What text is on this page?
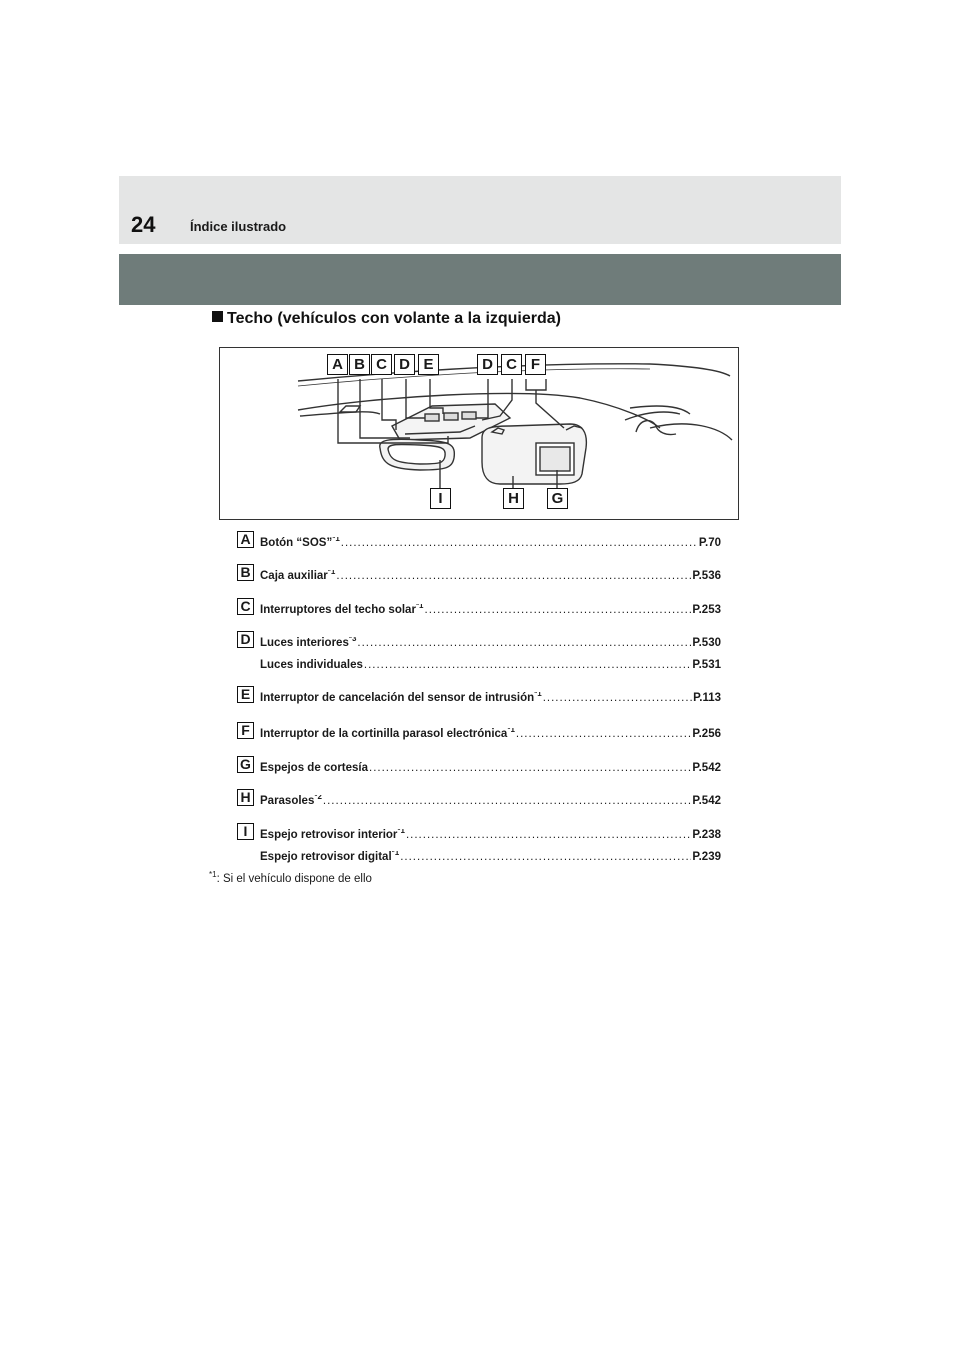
24	Índice ilustrado
Techo (vehículos con volante a la izquierda)
A B C D E	D C F
I	H	G
A Botón “SOS”$^{*1}$ .....	P.70
B Caja auxiliar$^{*1}$ .....	P.536
C Interruptores del techo solar$^{*1}$ .....	P.253
D Luces interiores$^{*3}$ .....	P.530
Luces individuales .....	P.531
E Interruptor de cancelación del sensor de intrusión$^{*1}$ .....	P.113
F Interruptor de la cortinilla parasol electrónica$^{*1}$ .....	P.256
G Espejos de cortesía .....	P.542
H Parasoles$^{*2}$ .....	P.542
I	Espejo retrovisor interior$^{*1}$ .....	P.238
Espejo retrovisor digital$^{*1}$ .....	P.239
$^{*1}$: Si el vehículo dispone de ello
